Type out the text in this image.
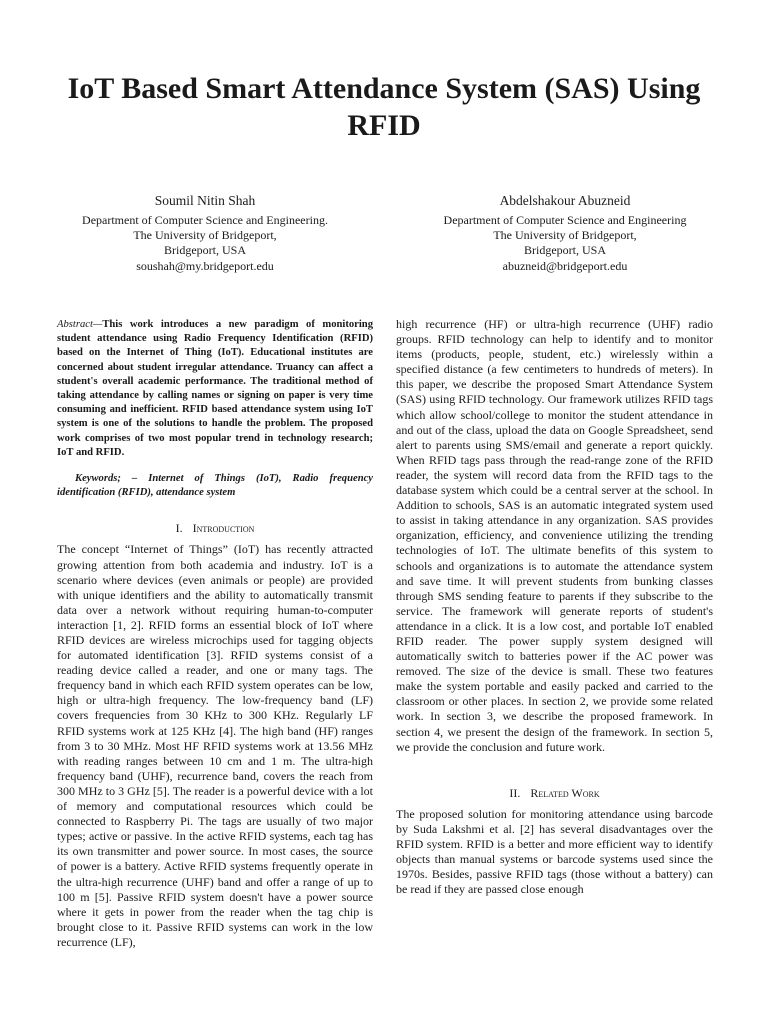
IoT Based Smart Attendance System (SAS) Using RFID
Soumil Nitin Shah
Department of Computer Science and Engineering.
The University of Bridgeport,
Bridgeport, USA
soushah@my.bridgeport.edu
Abdelshakour Abuzneid
Department of Computer Science and Engineering
The University of Bridgeport,
Bridgeport, USA
abuzneid@bridgeport.edu

Abstract—This work introduces a new paradigm of monitoring student attendance using Radio Frequency Identification (RFID) based on the Internet of Thing (IoT). Educational institutes are concerned about student irregular attendance. Truancy can affect a student's overall academic performance. The traditional method of taking attendance by calling names or signing on paper is very time consuming and inefficient. RFID based attendance system using IoT system is one of the solutions to handle the problem. The proposed work comprises of two most popular trend in technology research; IoT and RFID.

Keywords; – Internet of Things (IoT), Radio frequency identification (RFID), attendance system

I. Introduction

The concept “Internet of Things” (IoT) has recently attracted growing attention from both academia and industry. IoT is a scenario where devices (even animals or people) are provided with unique identifiers and the ability to automatically transmit data over a network without requiring human-to-computer interaction [1, 2]. RFID forms an essential block of IoT where RFID devices are wireless microchips used for tagging objects for automated identification [3]. RFID systems consist of a reading device called a reader, and one or many tags. The frequency band in which each RFID system operates can be low, high or ultra-high frequency. The low-frequency band (LF) covers frequencies from 30 KHz to 300 KHz. Regularly LF RFID systems work at 125 KHz [4]. The high band (HF) ranges from 3 to 30 MHz. Most HF RFID systems work at 13.56 MHz with reading ranges between 10 cm and 1 m. The ultra-high frequency band (UHF), recurrence band, covers the reach from 300 MHz to 3 GHz [5]. The reader is a powerful device with a lot of memory and computational resources which could be connected to Raspberry Pi. The tags are usually of two major types; active or passive. In the active RFID systems, each tag has its own transmitter and power source. In most cases, the source of power is a battery. Active RFID systems frequently operate in the ultra-high recurrence (UHF) band and offer a range of up to 100 m [5]. Passive RFID system doesn't have a power source where it gets in power from the reader when the tag chip is brought close to it. Passive RFID systems can work in the low recurrence (LF),

high recurrence (HF) or ultra-high recurrence (UHF) radio groups. RFID technology can help to identify and to monitor items (products, people, student, etc.) wirelessly within a specified distance (a few centimeters to hundreds of meters). In this paper, we describe the proposed Smart Attendance System (SAS) using RFID technology. Our framework utilizes RFID tags which allow school/college to monitor the student attendance in and out of the class, upload the data on Google Spreadsheet, send alert to parents using SMS/email and generate a report quickly. When RFID tags pass through the read-range zone of the RFID reader, the system will record data from the RFID tags to the database system which could be a central server at the school. In Addition to schools, SAS is an automatic integrated system used to assist in taking attendance in any organization. SAS provides organization, efficiency, and convenience utilizing the trending technologies of IoT. The ultimate benefits of this system to schools and organizations is to automate the attendance system and save time. It will prevent students from bunking classes through SMS sending feature to parents if they subscribe to the service. The framework will generate reports of student's attendance in a click. It is a low cost, and portable IoT enabled RFID reader. The power supply system designed will automatically switch to batteries power if the AC power was removed. The size of the device is small. These two features make the system portable and easily packed and carried to the classroom or other places. In section 2, we provide some related work. In section 3, we describe the proposed framework. In section 4, we present the design of the framework. In section 5, we provide the conclusion and future work.

II. Related Work

The proposed solution for monitoring attendance using barcode by Suda Lakshmi et al. [2] has several disadvantages over the RFID system. RFID is a better and more efficient way to identify objects than manual systems or barcode systems used since the 1970s. Besides, passive RFID tags (those without a battery) can be read if they are passed close enough
